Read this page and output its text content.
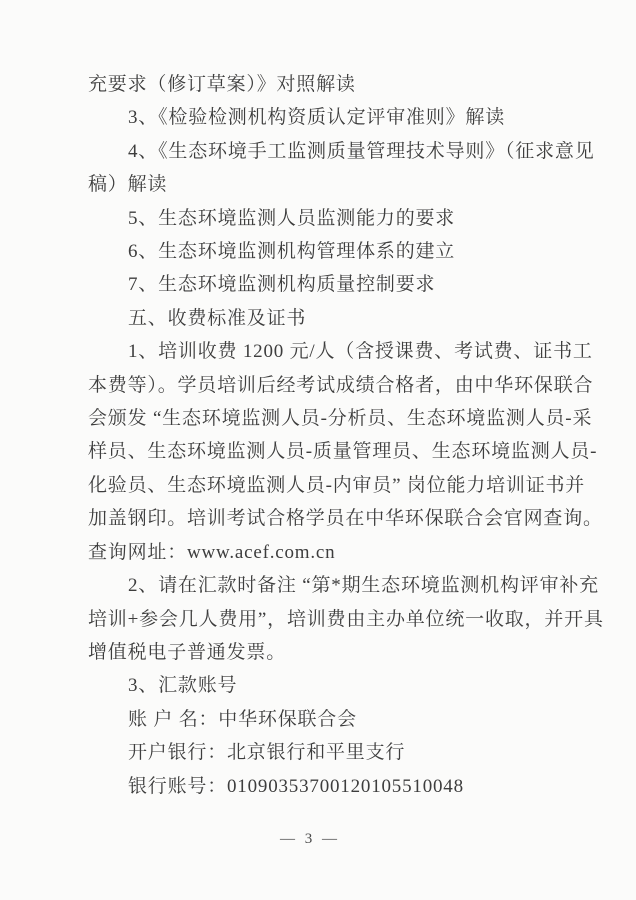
充要求（修订草案）》对照解读
3、《检验检测机构资质认定评审准则》解读
4、《生态环境手工监测质量管理技术导则》（征求意见
稿）解读
5、生态环境监测人员监测能力的要求
6、生态环境监测机构管理体系的建立
7、生态环境监测机构质量控制要求
五、收费标准及证书
1、培训收费 1200 元/人（含授课费、考试费、证书工
本费等）。学员培训后经考试成绩合格者，由中华环保联合
会颁发 “生态环境监测人员-分析员、生态环境监测人员-采
样员、生态环境监测人员-质量管理员、生态环境监测人员-
化验员、生态环境监测人员-内审员” 岗位能力培训证书并
加盖钢印。培训考试合格学员在中华环保联合会官网查询。
查询网址：www.acef.com.cn
2、请在汇款时备注 “第*期生态环境监测机构评审补充
培训+参会几人费用”，培训费由主办单位统一收取，并开具
增值税电子普通发票。
3、汇款账号
账 户 名：中华环保联合会
开户银行：北京银行和平里支行
银行账号：01090353700120105510048
— 3 —
